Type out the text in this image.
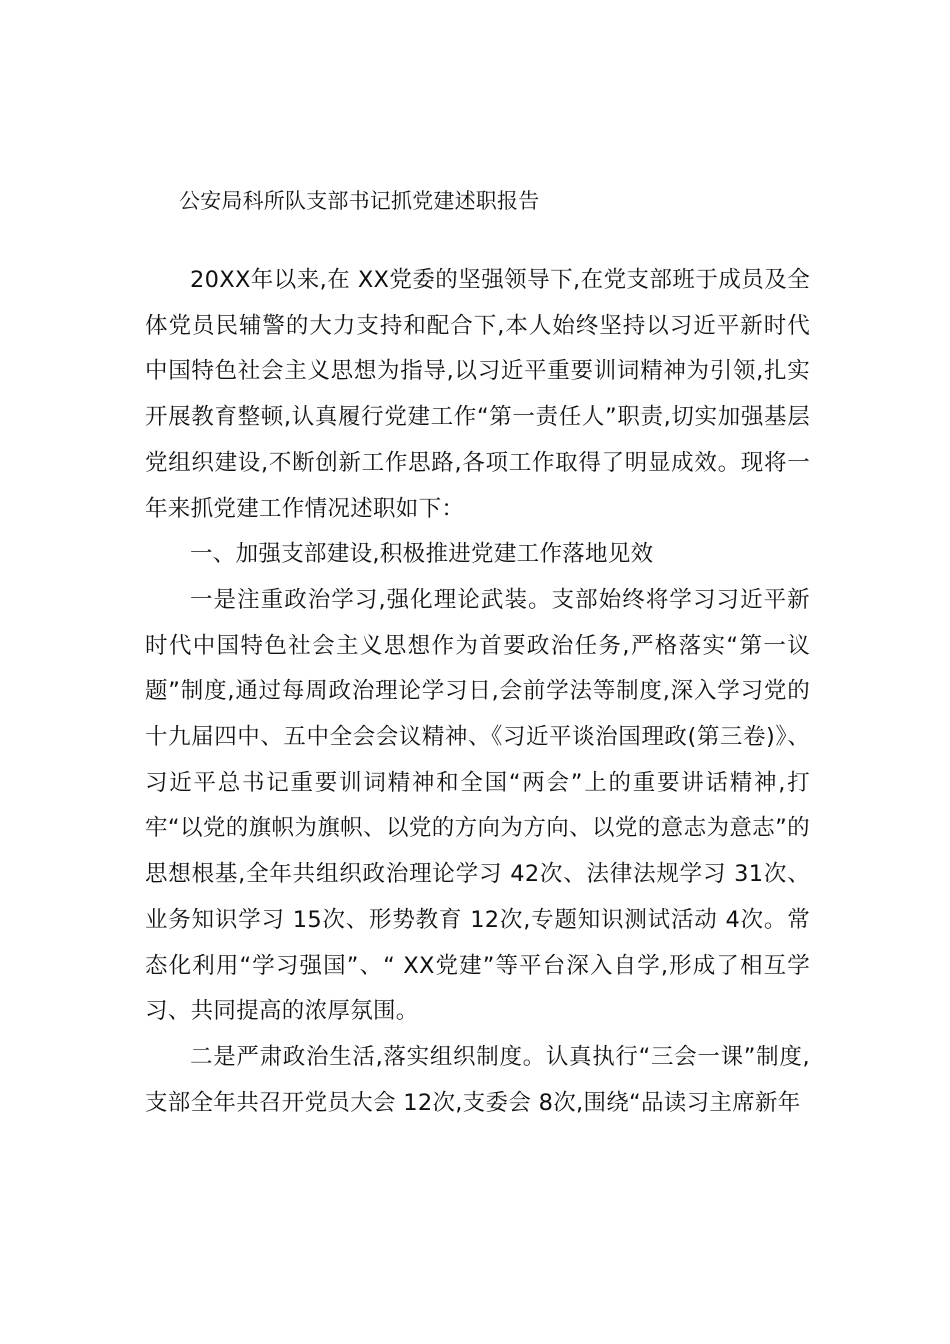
公安局科所队支部书记抓党建述职报告

20XX年以来,在 XX党委的坚强领导下,在党支部班于成员及全体党员民辅警的大力支持和配合下,本人始终坚持以习近平新时代中国特色社会主义思想为指导,以习近平重要训词精神为引领,扎实开展教育整顿,认真履行党建工作“第一责任人”职责,切实加强基层党组织建设,不断创新工作思路,各项工作取得了明显成效。现将一年来抓党建工作情况述职如下：

一、加强支部建设,积极推进党建工作落地见效

一是注重政治学习,强化理论武装。支部始终将学习习近平新时代中国特色社会主义思想作为首要政治任务,严格落实“第一议题”制度,通过每周政治理论学习日,会前学法等制度,深入学习党的十九届四中、五中全会会议精神、《习近平谈治国理政(第三卷)》、习近平总书记重要训词精神和全国“两会”上的重要讲话精神,打牢“以党的旗帜为旗帜、以党的方向为方向、以党的意志为意志”的思想根基,全年共组织政治理论学习 42次、法律法规学习 31次、业务知识学习 15次、形势教育 12次,专题知识测试活动 4次。常态化利用“学习强国”、“ XX党建”等平台深入自学,形成了相互学习、共同提高的浓厚氛围。

二是严肃政治生活,落实组织制度。认真执行“三会一课”制度,支部全年共召开党员大会 12次,支委会 8次,围绕“品读习主席新年
